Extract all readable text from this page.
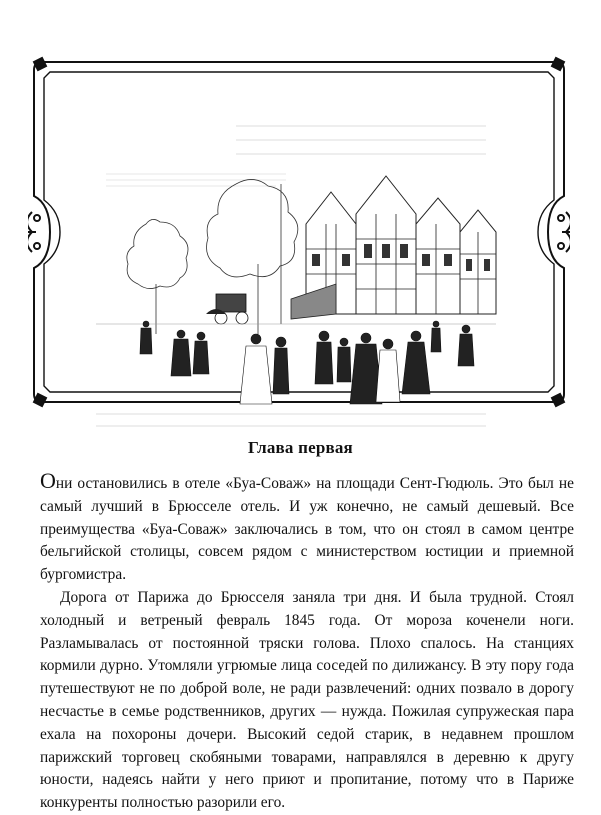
Глава первая

Они остановились в отеле «Буа-Соваж» на площади Сент-Гюдюль. Это был не самый лучший в Брюсселе отель. И уж конечно, не самый дешевый. Все преимущества «Буа-Соваж» заключались в том, что он стоял в самом центре бельгийской столицы, совсем рядом с министерством юстиции и приемной бургомистра.

Дорога от Парижа до Брюсселя заняла три дня. И была трудной. Стоял холодный и ветреный февраль 1845 года. От мороза коченели ноги. Разламывалась от постоянной тряски голова. Плохо спалось. На станциях кормили дурно. Утомляли угрюмые лица соседей по дилижансу. В эту пору года путешествуют не по доброй воле, не ради развлечений: одних позвало в дорогу несчастье в семье родственников, других — нужда. Пожилая супружеская пара ехала на похороны дочери. Высокий седой старик, в недавнем прошлом парижский торговец скобяными товарами, направлялся в деревню к другу юности, надеясь найти у него приют и пропитание, потому что в Париже конкуренты полностью разорили его.
